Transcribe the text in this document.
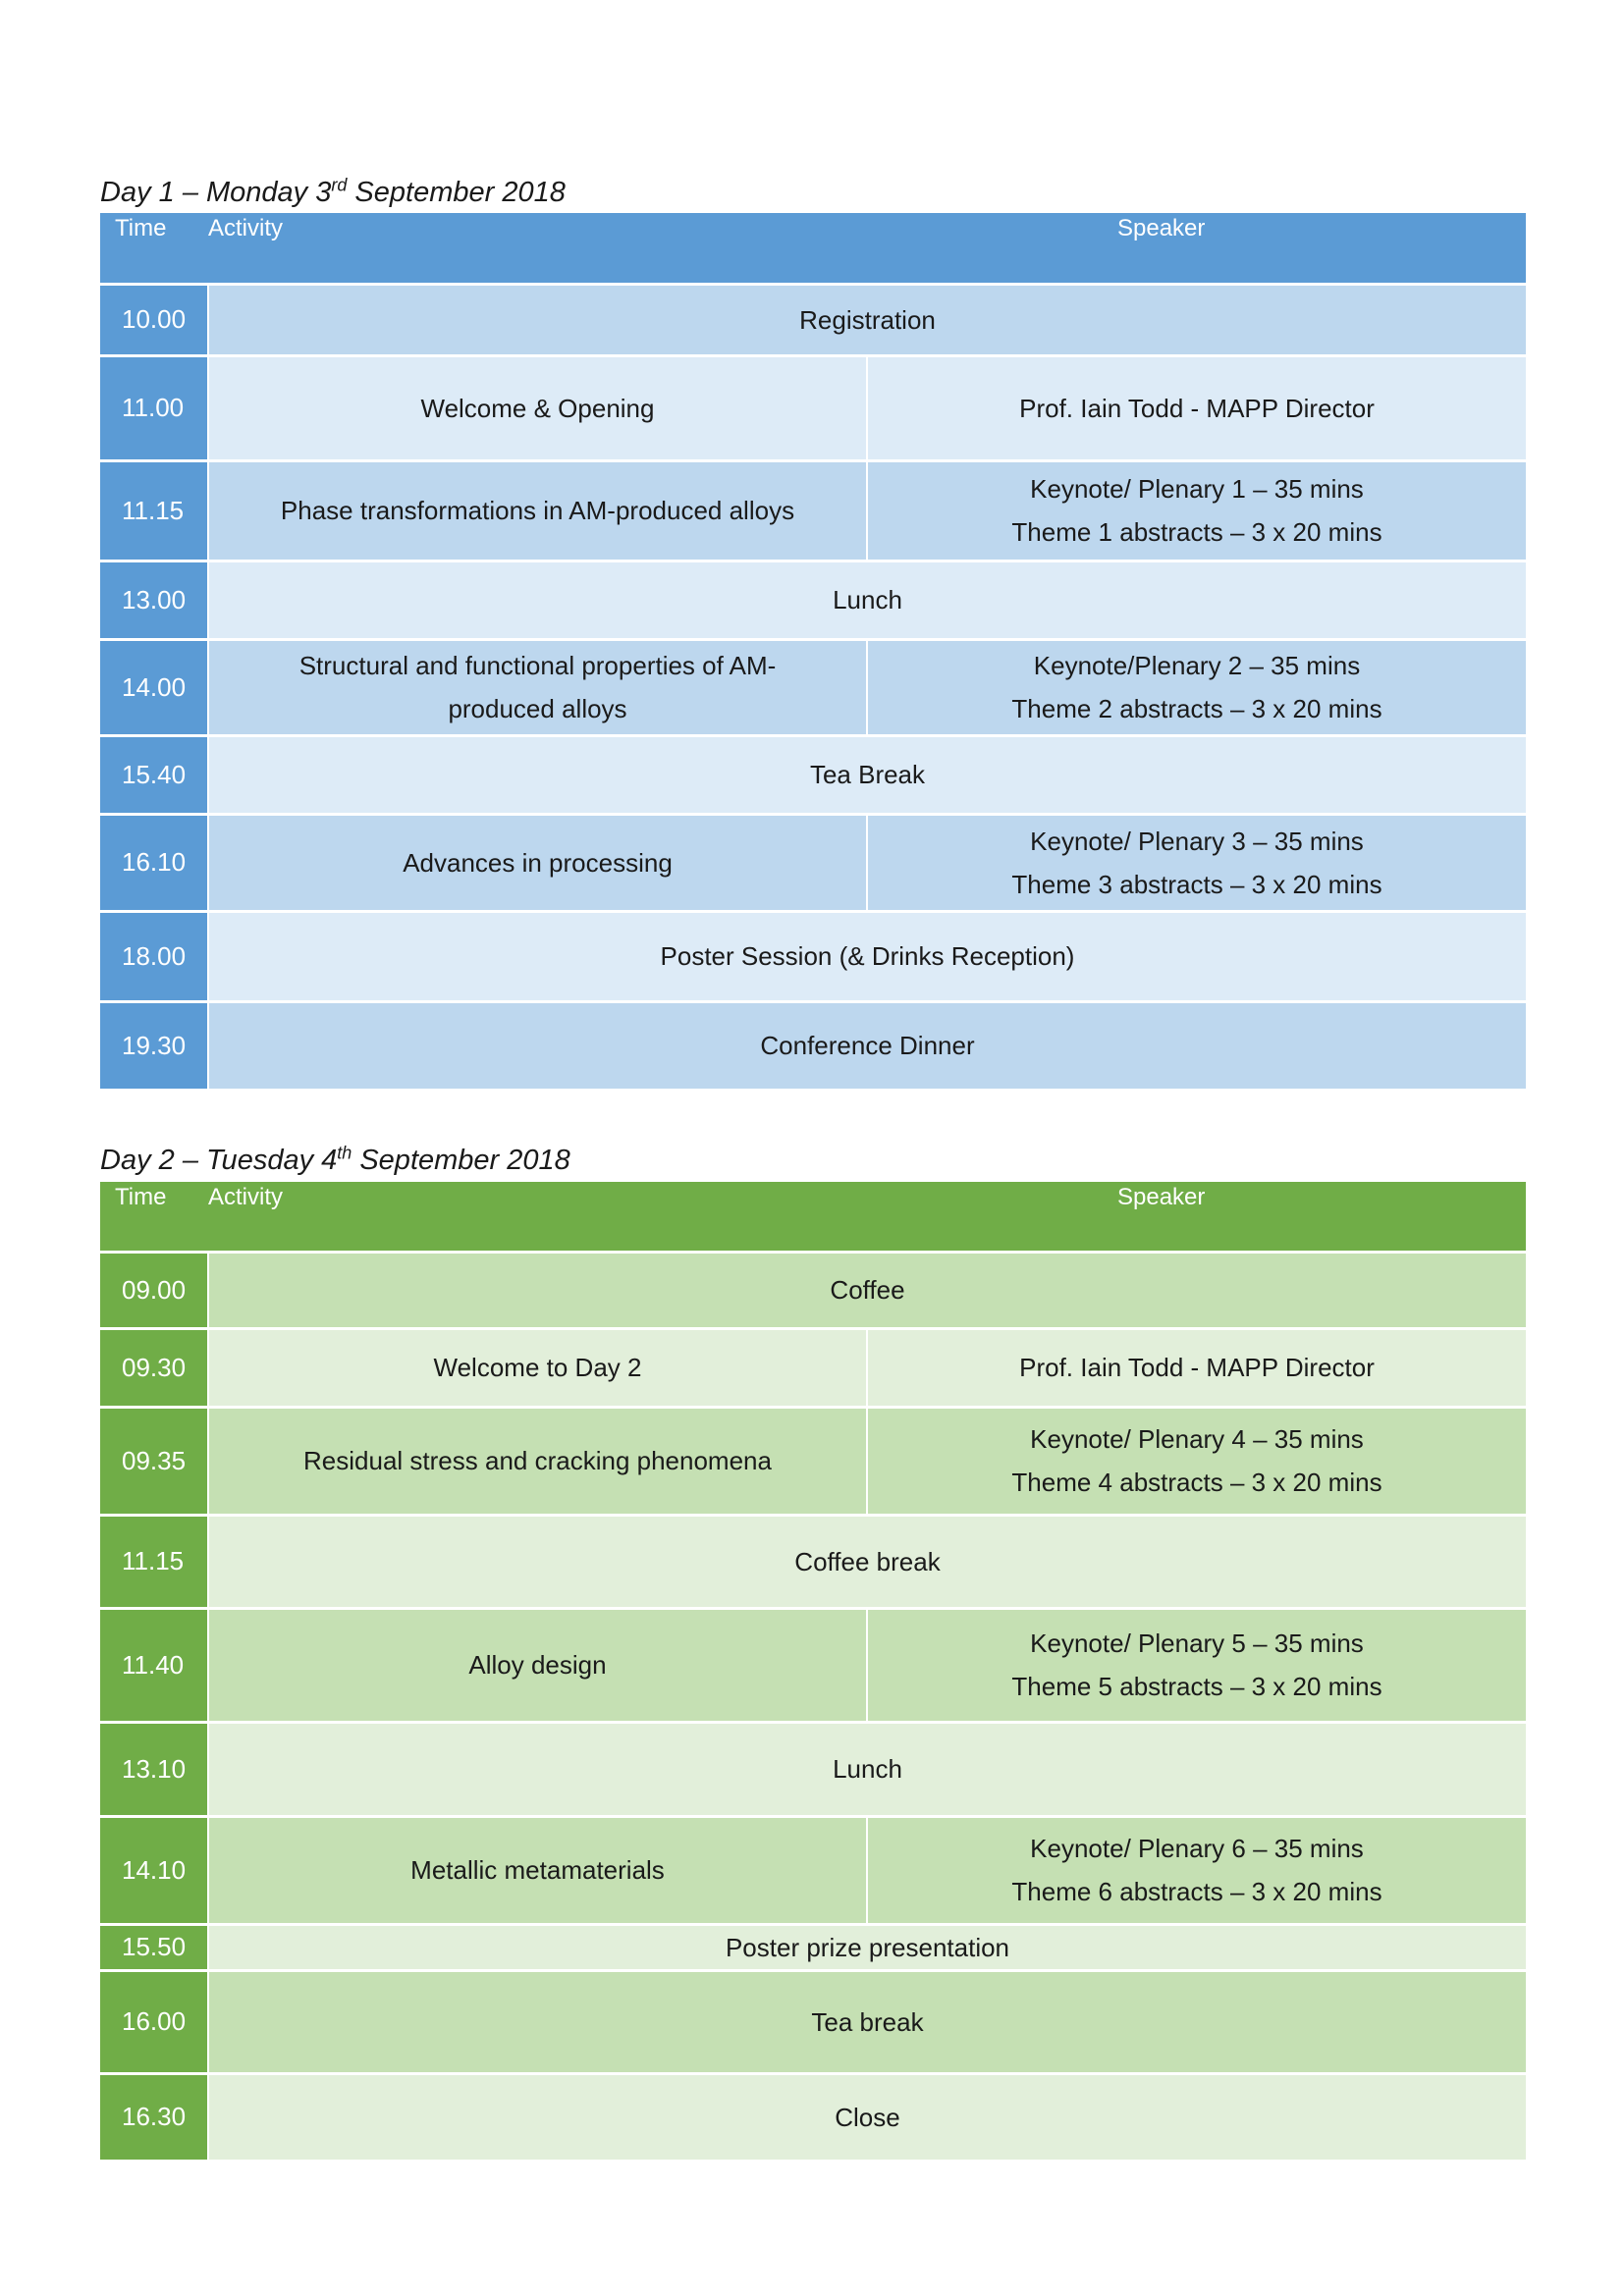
Day 1 – Monday 3rd September 2018
Time	Activity	Speaker
10.00	Registration	
11.00	Welcome & Opening	Prof. Iain Todd - MAPP Director

11.15	Phase transformations in AM-produced alloys	Keynote/ Plenary 1 – 35 mins
Theme 1 abstracts – 3 x 20 mins

13.00	Lunch	
14.00	Structural and functional properties of AM-produced alloys	Keynote/Plenary 2 – 35 mins
Theme 2 abstracts – 3 x 20 mins

15.40	Tea Break	
16.10	Advances in processing	Keynote/ Plenary 3 – 35 mins
Theme 3 abstracts – 3 x 20 mins

18.00	Poster Session (& Drinks Reception)	
19.30	Conference Dinner	
Day 2 – Tuesday 4th September 2018
Time	Activity	Speaker
09.00	Coffee	
09.30	Welcome to Day 2	Prof. Iain Todd - MAPP Director

09.35	Residual stress and cracking phenomena	Keynote/ Plenary 4 – 35 mins
Theme 4 abstracts – 3 x 20 mins

11.15	Coffee break	
11.40	Alloy design	Keynote/ Plenary 5 – 35 mins
Theme 5 abstracts – 3 x 20 mins

13.10	Lunch	
14.10	Metallic metamaterials	Keynote/ Plenary 6 – 35 mins
Theme 6 abstracts – 3 x 20 mins

15.50	Poster prize presentation	
16.00	Tea break	
16.30	Close	
